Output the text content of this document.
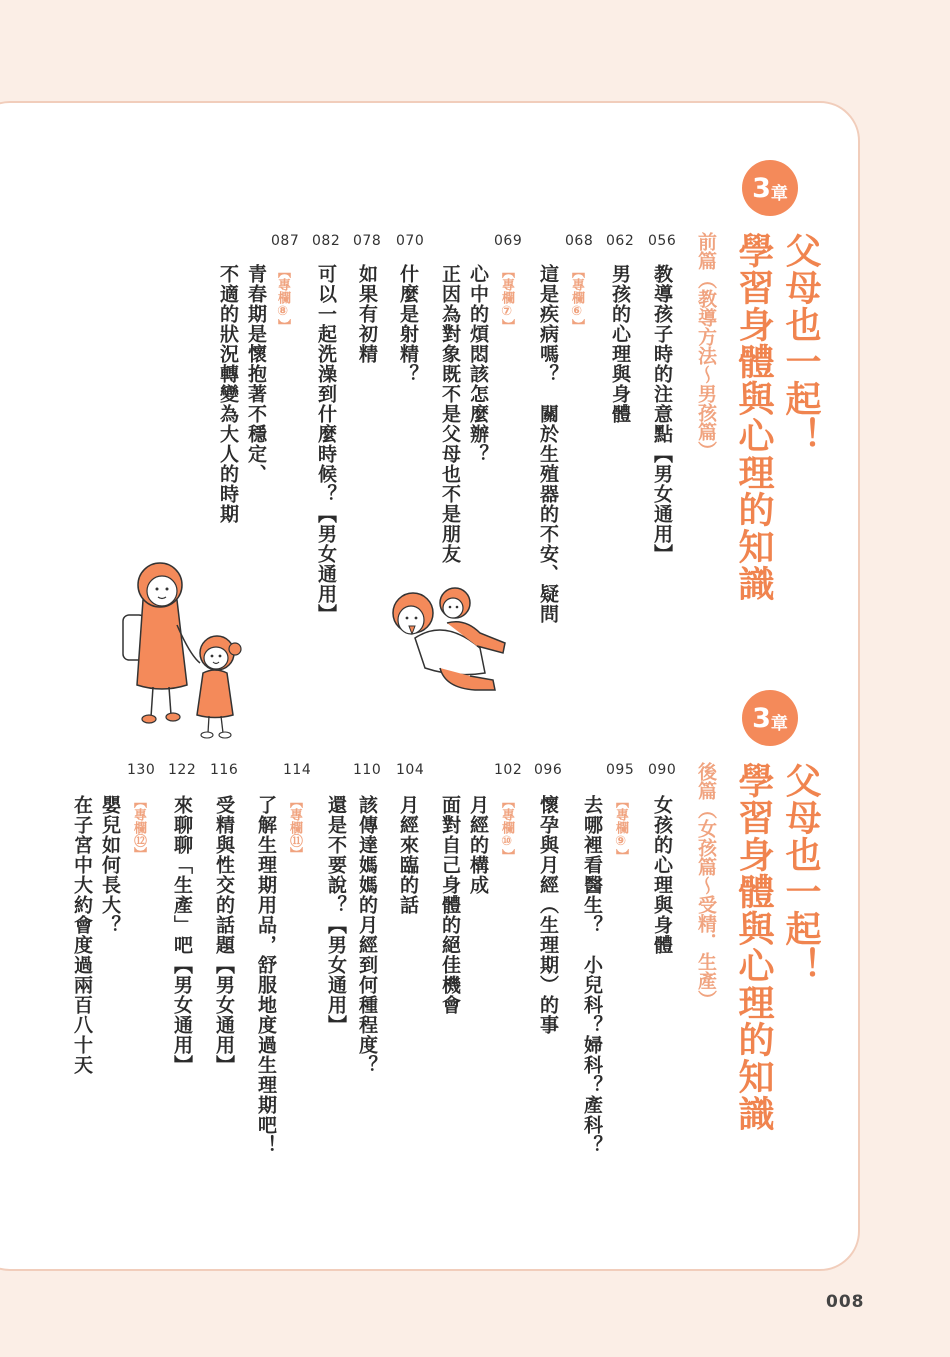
3 章
父母也一起！
學習身體與心理的知識
前篇（教導方法～男孩篇）
056
教導孩子時的注意點【男女通用】
062
男孩的心理與身體
068
【專欄⑥】
這是疾病嗎？　關於生殖器的不安、疑問
069
【專欄⑦】
心中的煩悶該怎麼辦？
正因為對象既不是父母也不是朋友
070
什麼是射精？
078
如果有初精
082
可以一起洗澡到什麼時候？【男女通用】
087
【專欄⑧】
青春期是懷抱著不穩定、
不適的狀況轉變為大人的時期
3 章
父母也一起！
學習身體與心理的知識
後篇（女孩篇～受精．生產）
090
女孩的心理與身體
095
【專欄⑨】
去哪裡看醫生？　小兒科？婦科？產科？
096
懷孕與月經（生理期）的事
102
【專欄⑩】
月經的構成
面對自己身體的絕佳機會
104
月經來臨的話
110
該傳達媽媽的月經到何種程度？
還是不要說？【男女通用】
114
【專欄⑪】
了解生理期用品，舒服地度過生理期吧！
116
受精與性交的話題【男女通用】
122
來聊聊「生產」吧【男女通用】
130
【專欄⑫】
嬰兒如何長大？
在子宮中大約會度過兩百八十天
008
